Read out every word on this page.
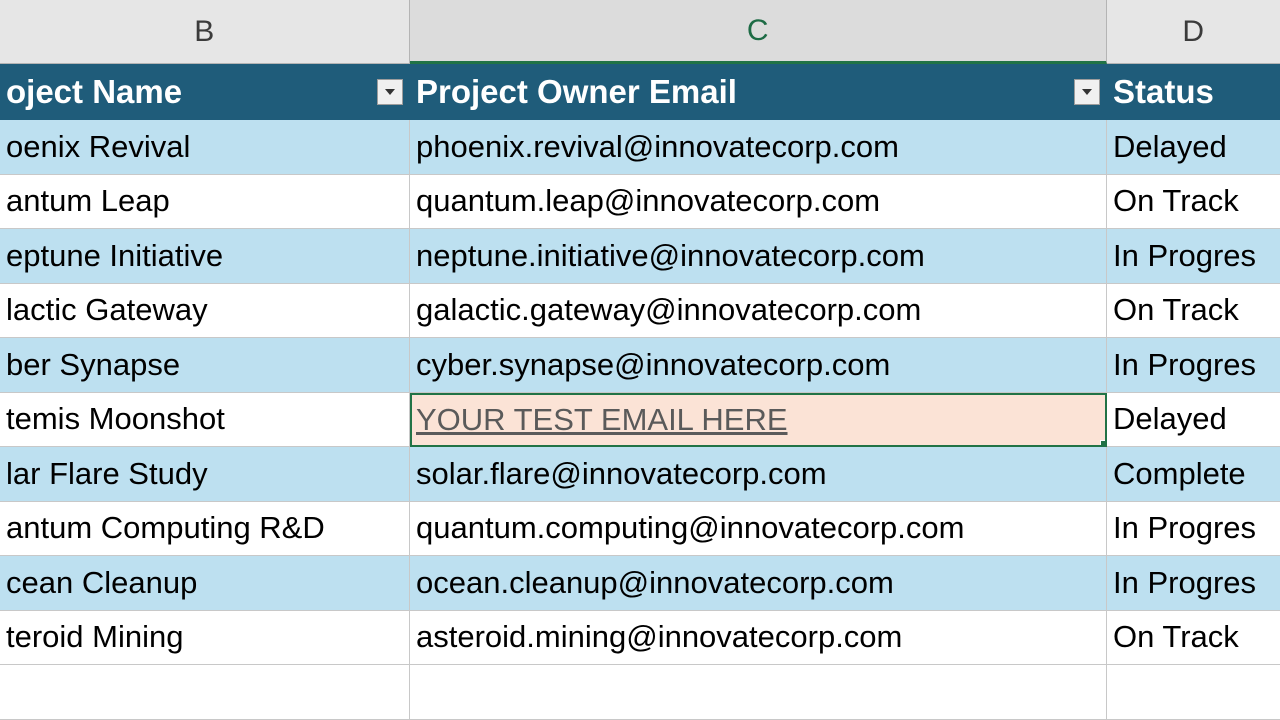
B	C	D
oject Name	Project Owner Email	Status
oenix Revival	phoenix.revival@innovatecorp.com	Delayed
antum Leap	quantum.leap@innovatecorp.com	On Track
eptune Initiative	neptune.initiative@innovatecorp.com	In Progres
lactic Gateway	galactic.gateway@innovatecorp.com	On Track
ber Synapse	cyber.synapse@innovatecorp.com	In Progres
temis Moonshot	YOUR TEST EMAIL HERE	Delayed
lar Flare Study	solar.flare@innovatecorp.com	Complete
antum Computing R&D	quantum.computing@innovatecorp.com	In Progres
cean Cleanup	ocean.cleanup@innovatecorp.com	In Progres
teroid Mining	asteroid.mining@innovatecorp.com	On Track
